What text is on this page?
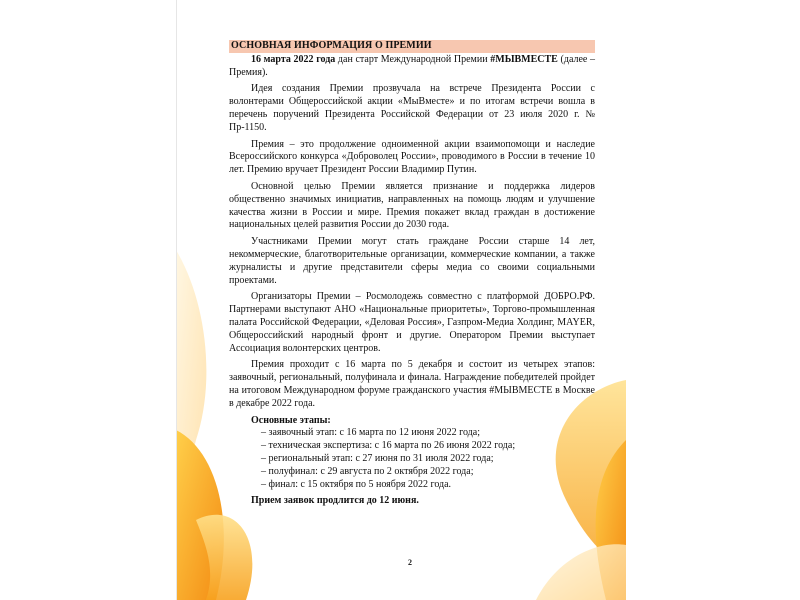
ОСНОВНАЯ ИНФОРМАЦИЯ О ПРЕМИИ

16 марта 2022 года дан старт Международной Премии #МЫВМЕСТЕ (далее – Премия).

Идея создания Премии прозвучала на встрече Президента России с волонтерами Общероссийской акции «МыВместе» и по итогам встречи вошла в перечень поручений Президента Российской Федерации от 23 июля 2020 г. № Пр-1150.

Премия – это продолжение одноименной акции взаимопомощи и наследие Всероссийского конкурса «Доброволец России», проводимого в России в течение 10 лет. Премию вручает Президент России Владимир Путин.

Основной целью Премии является признание и поддержка лидеров общественно значимых инициатив, направленных на помощь людям и улучшение качества жизни в России и мире. Премия покажет вклад граждан в достижение национальных целей развития России до 2030 года.

Участниками Премии могут стать граждане России старше 14 лет, некоммерческие, благотворительные организации, коммерческие компании, а также журналисты и другие представители сферы медиа со своими социальными проектами.

Организаторы Премии – Росмолодежь совместно с платформой ДОБРО.РФ. Партнерами выступают АНО «Национальные приоритеты», Торгово-промышленная палата Российской Федерации, «Деловая Россия», Газпром-Медиа Холдинг, MAYER, Общероссийский народный фронт и другие. Оператором Премии выступает Ассоциация волонтерских центров.

Премия проходит с 16 марта по 5 декабря и состоит из четырех этапов: заявочный, региональный, полуфинала и финала. Награждение победителей пройдет на итоговом Международном форуме гражданского участия #МЫВМЕСТЕ в Москве в декабре 2022 года.

Основные этапы:
– заявочный этап: с 16 марта по 12 июня 2022 года;
– техническая экспертиза: с 16 марта по 26 июня 2022 года;
– региональный этап: с 27 июня по 31 июля 2022 года;
– полуфинал: с 29 августа по 2 октября 2022 года;
– финал: с 15 октября по 5 ноября 2022 года.
Прием заявок продлится до 12 июня.
2
